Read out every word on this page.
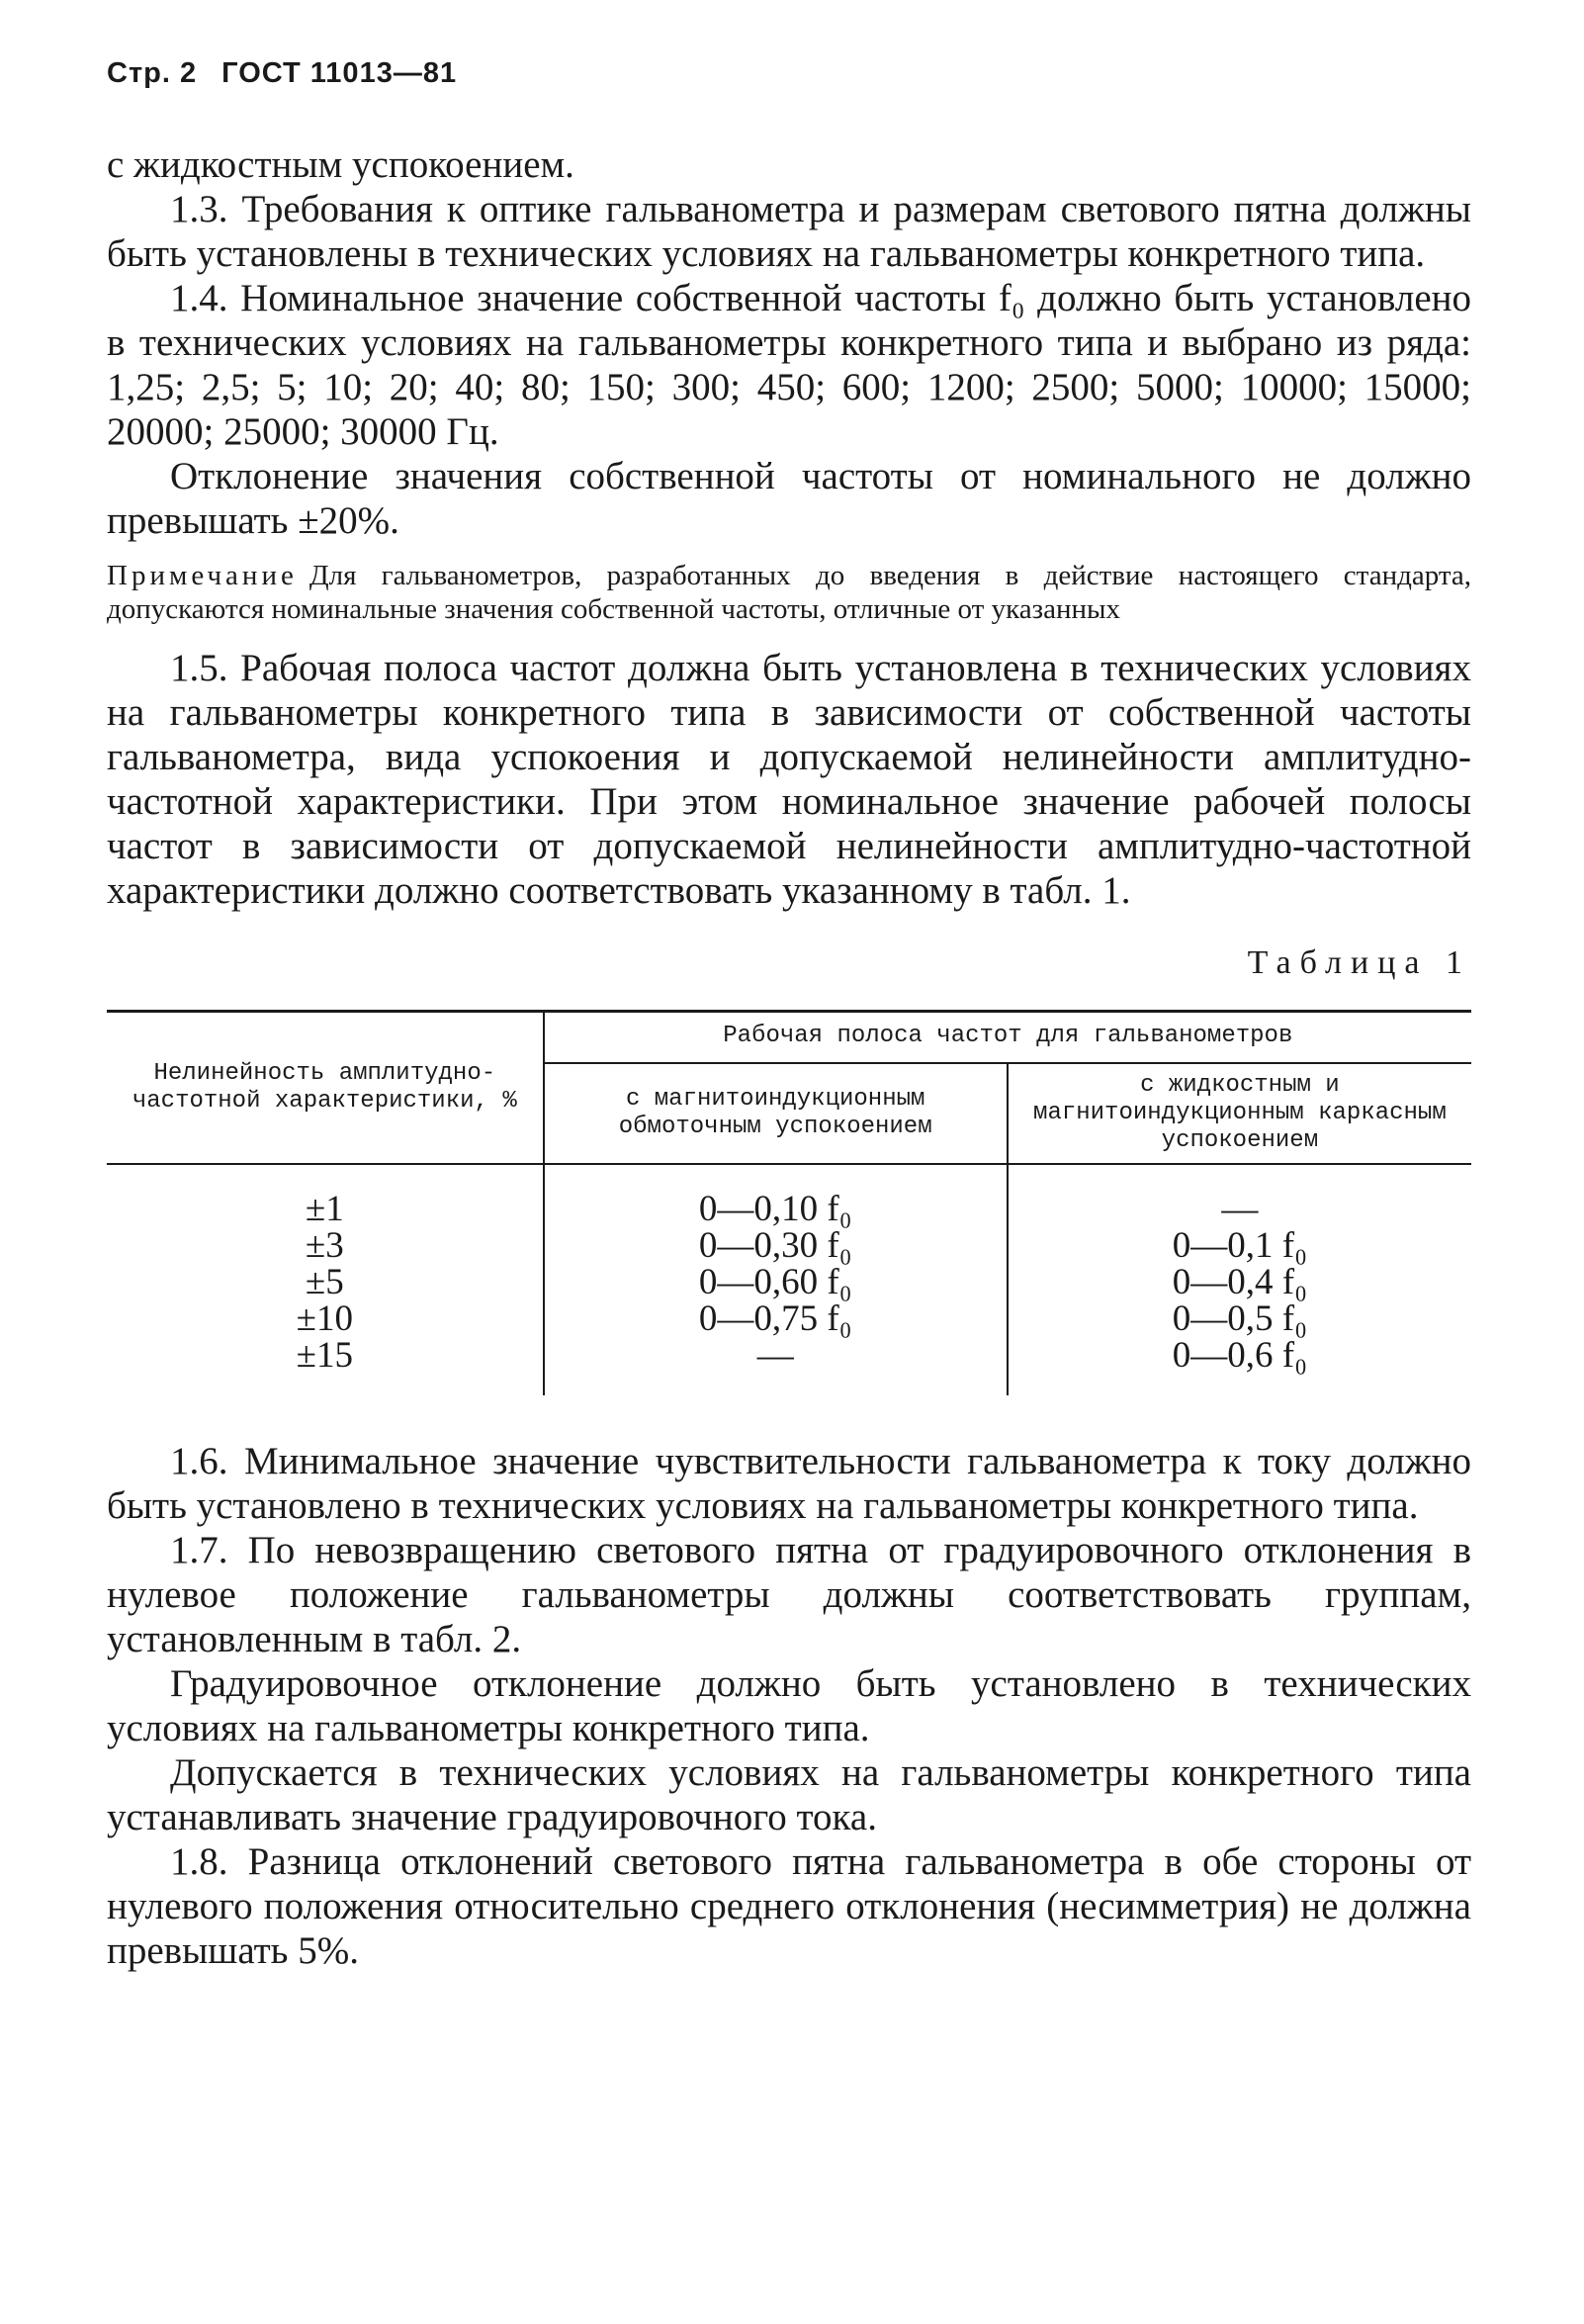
Стр. 2 ГОСТ 11013—81

с жидкостным успокоением.

1.3. Требования к оптике гальванометра и размерам светового пятна должны быть установлены в технических условиях на гальванометры конкретного типа.

1.4. Номинальное значение собственной частоты f₀ должно быть установлено в технических условиях на гальванометры конкретного типа и выбрано из ряда: 1,25; 2,5; 5; 10; 20; 40; 80; 150; 300; 450; 600; 1200; 2500; 5000; 10000; 15000; 20000; 25000; 30000 Гц.

Отклонение значения собственной частоты от номинального не должно превышать ±20%.

Примечание Для гальванометров, разработанных до введения в действие настоящего стандарта, допускаются номинальные значения собственной частоты, отличные от указанных

1.5. Рабочая полоса частот должна быть установлена в технических условиях на гальванометры конкретного типа в зависимости от собственной частоты гальванометра, вида успокоения и допускаемой нелинейности амплитудно-частотной характеристики. При этом номинальное значение рабочей полосы частот в зависимости от допускаемой нелинейности амплитудно-частотной характеристики должно соответствовать указанному в табл. 1.

Таблица 1
Нелинейность амплитудно-частотной характеристики, %	Рабочая полоса частот для гальванометров	
	с магнитоиндукционным обмоточным успокоением	с жидкостным и магнитоиндукционным каркасным успокоением
±1	0—0,10 f₀	—
±3	0—0,30 f₀	0—0,1 f₀
±5	0—0,60 f₀	0—0,4 f₀
±10	0—0,75 f₀	0—0,5 f₀
±15	—	0—0,6 f₀

1.6. Минимальное значение чувствительности гальванометра к току должно быть установлено в технических условиях на гальванометры конкретного типа.

1.7. По невозвращению светового пятна от градуировочного отклонения в нулевое положение гальванометры должны соответствовать группам, установленным в табл. 2.

Градуировочное отклонение должно быть установлено в технических условиях на гальванометры конкретного типа.

Допускается в технических условиях на гальванометры конкретного типа устанавливать значение градуировочного тока.

1.8. Разница отклонений светового пятна гальванометра в обе стороны от нулевого положения относительно среднего отклонения (несимметрия) не должна превышать 5%.
